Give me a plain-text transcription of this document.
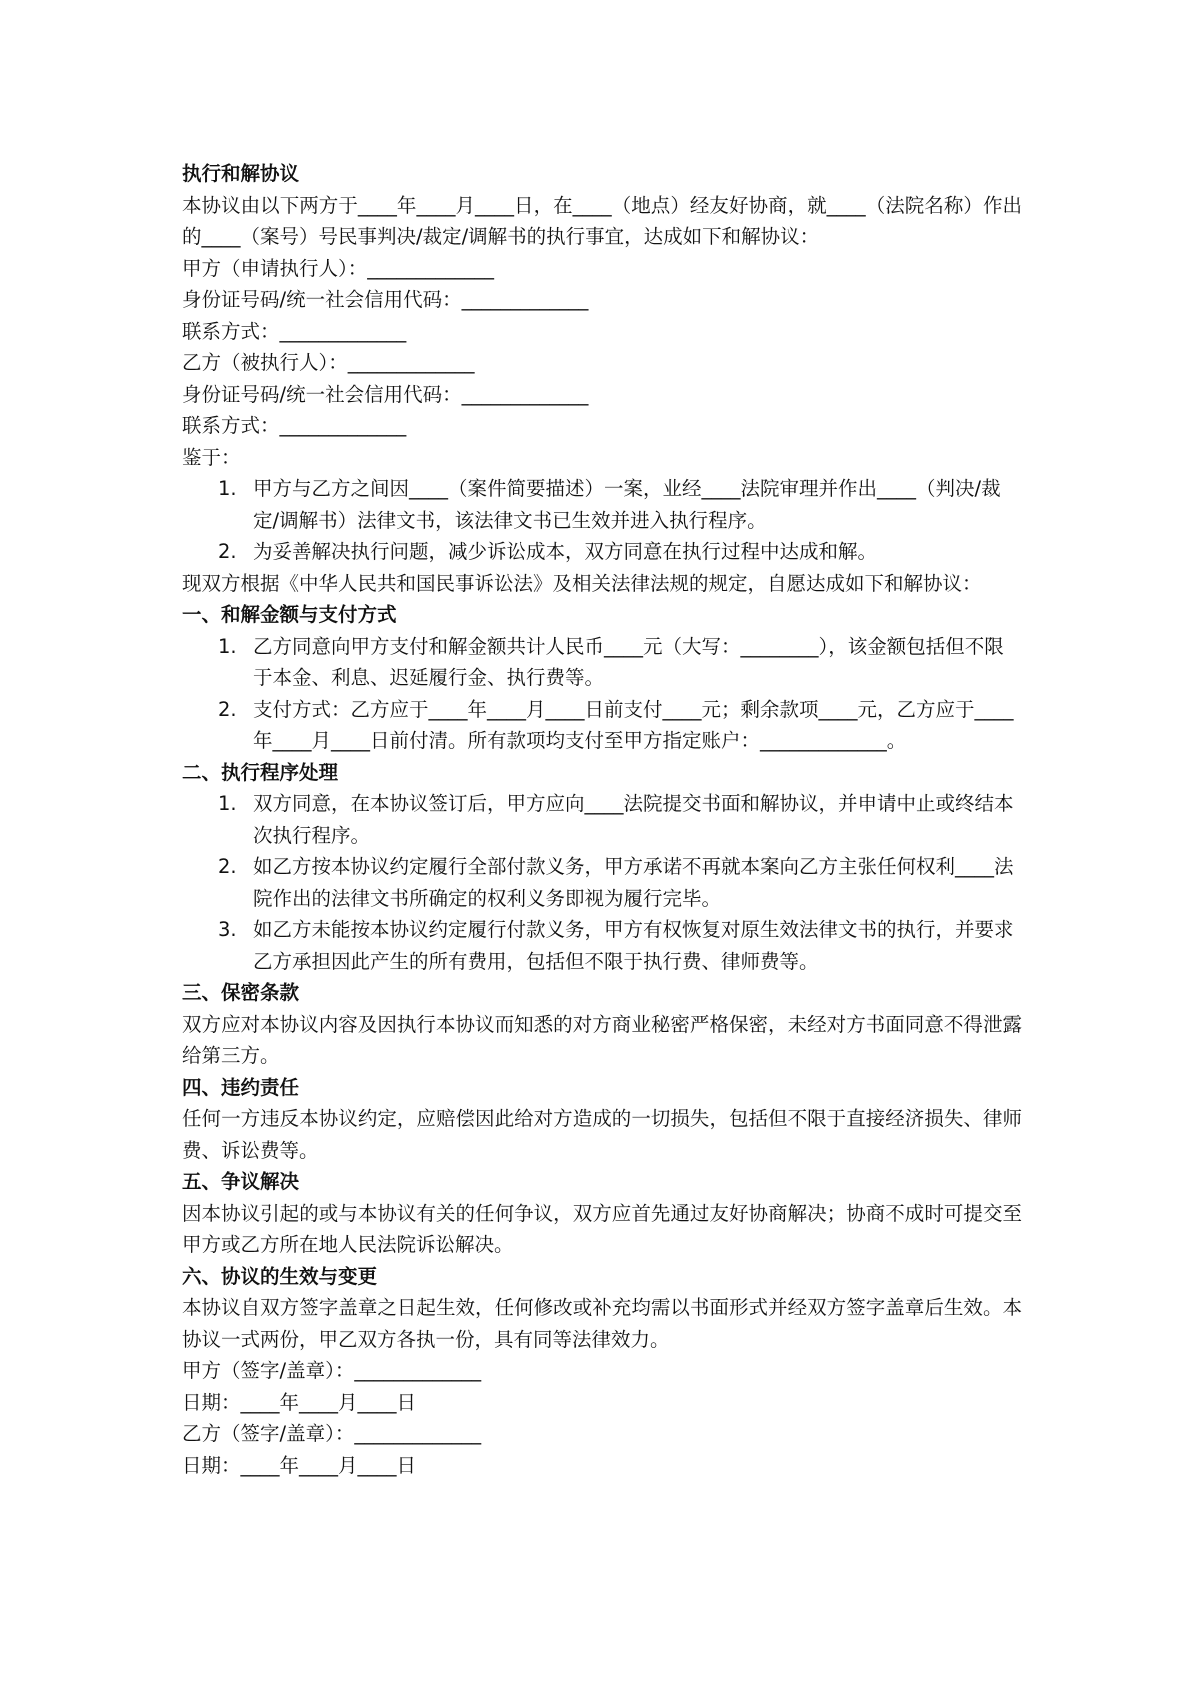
执行和解协议

本协议由以下两方于____年____月____日，在____（地点）经友好协商，就____（法院名称）作出的____（案号）号民事判决/裁定/调解书的执行事宜，达成如下和解协议：

甲方（申请执行人）：_____________

身份证号码/统一社会信用代码：_____________

联系方式：_____________

乙方（被执行人）：_____________

身份证号码/统一社会信用代码：_____________

联系方式：_____________

鉴于：

1. 甲方与乙方之间因____（案件简要描述）一案，业经____法院审理并作出____（判决/裁定/调解书）法律文书，该法律文书已生效并进入执行程序。
2. 为妥善解决执行问题，减少诉讼成本，双方同意在执行过程中达成和解。

现双方根据《中华人民共和国民事诉讼法》及相关法律法规的规定，自愿达成如下和解协议：

一、和解金额与支付方式

1. 乙方同意向甲方支付和解金额共计人民币____元（大写：________），该金额包括但不限于本金、利息、迟延履行金、执行费等。
2. 支付方式：乙方应于____年____月____日前支付____元；剩余款项____元，乙方应于____年____月____日前付清。所有款项均支付至甲方指定账户：_____________。

二、执行程序处理

1. 双方同意，在本协议签订后，甲方应向____法院提交书面和解协议，并申请中止或终结本次执行程序。
2. 如乙方按本协议约定履行全部付款义务，甲方承诺不再就本案向乙方主张任何权利____法院作出的法律文书所确定的权利义务即视为履行完毕。
3. 如乙方未能按本协议约定履行付款义务，甲方有权恢复对原生效法律文书的执行，并要求乙方承担因此产生的所有费用，包括但不限于执行费、律师费等。

三、保密条款

双方应对本协议内容及因执行本协议而知悉的对方商业秘密严格保密，未经对方书面同意不得泄露给第三方。

四、违约责任

任何一方违反本协议约定，应赔偿因此给对方造成的一切损失，包括但不限于直接经济损失、律师费、诉讼费等。

五、争议解决

因本协议引起的或与本协议有关的任何争议，双方应首先通过友好协商解决；协商不成时可提交至甲方或乙方所在地人民法院诉讼解决。

六、协议的生效与变更

本协议自双方签字盖章之日起生效，任何修改或补充均需以书面形式并经双方签字盖章后生效。本协议一式两份，甲乙双方各执一份，具有同等法律效力。

甲方（签字/盖章）：_____________

日期：____年____月____日

乙方（签字/盖章）：_____________

日期：____年____月____日
